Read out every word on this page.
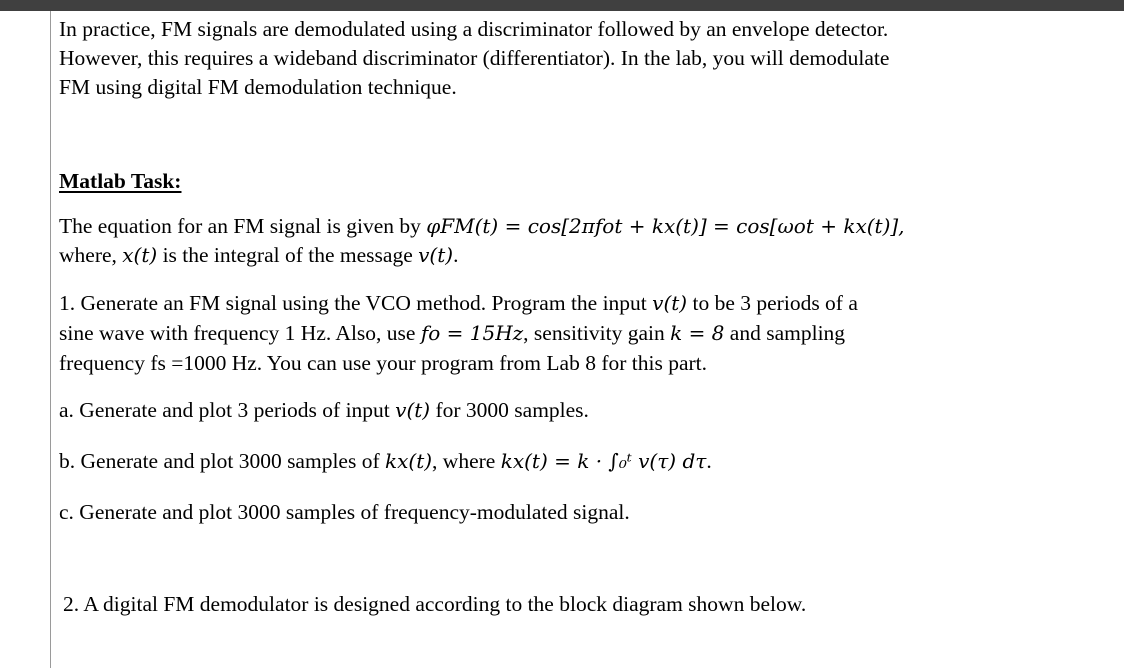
In practice, FM signals are demodulated using a discriminator followed by an envelope detector.
However, this requires a wideband discriminator (differentiator). In the lab, you will demodulate
FM using digital FM demodulation technique.
Matlab Task:
The equation for an FM signal is given by φFM(t) = cos[2πfot + kx(t)] = cos[ωot + kx(t)],
where, x(t) is the integral of the message v(t).
1. Generate an FM signal using the VCO method. Program the input v(t) to be 3 periods of a
sine wave with frequency 1 Hz. Also, use fo = 15Hz, sensitivity gain k = 8 and sampling
frequency fs =1000 Hz. You can use your program from Lab 8 for this part.
a. Generate and plot 3 periods of input v(t) for 3000 samples.
b. Generate and plot 3000 samples of kx(t), where kx(t) = k · ∫₀ᵗ v(τ) dτ.
c. Generate and plot 3000 samples of frequency-modulated signal.
2. A digital FM demodulator is designed according to the block diagram shown below.
